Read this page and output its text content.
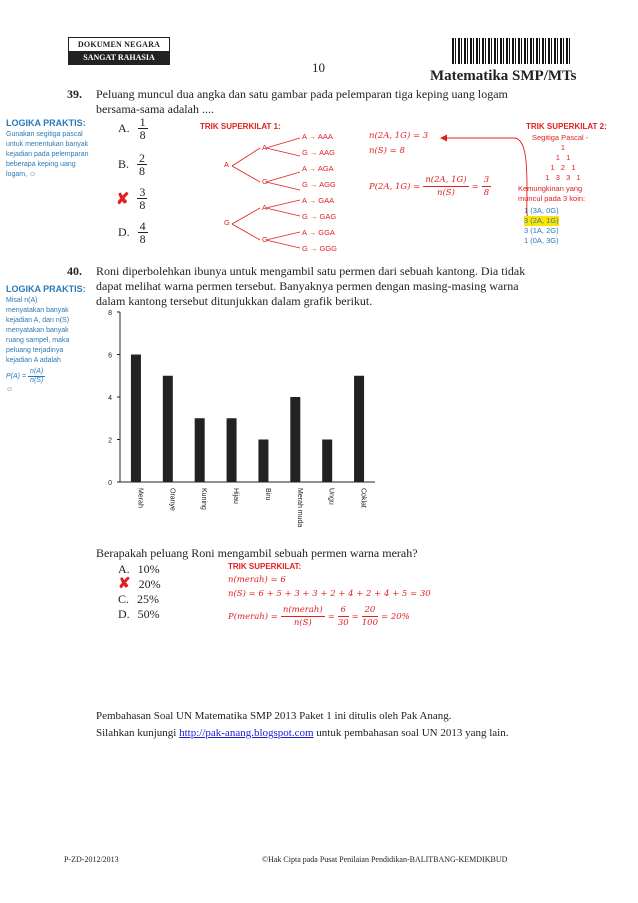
DOKUMEN NEGARA
SANGAT RAHASIA
10
Matematika SMP/MTs
39. Peluang muncul dua angka dan satu gambar pada pelemparan tiga keping uang logam
bersama-sama adalah ....
LOGIKA PRAKTIS:
Gunakan segitiga pascal
untuk menentukan banyak
kejadian pada pelemparan
beberapa keping uang
logam, ☺
A. $\frac{1}{8}$
B. $\frac{2}{8}$
✘ $\frac{3}{8}$
D. $\frac{4}{8}$
TRIK SUPERKILAT 1:
A
G
A
G
A
G
A → AAA
G → AAG
A → AGA
G → AGG
A → GAA
G → GAG
A → GGA
G → GGG
n(2A, 1G) = 3
n(S) = 8
P(2A, $1G) = \frac{n(2A, 1G)}{n(S)} = \frac{3}{8}$
TRIK SUPERKILAT 2:
Segitiga Pascal -
1
1   1
1   2   1
1   3   3   1
Kemungkinan yang
muncul pada 3 koin:
1 (3A, 0G)
3 (2A, 1G)

3 (1A, 2G)
1 (0A, 3G)
40. Roni diperbolehkan ibunya untuk mengambil satu permen dari sebuah kantong. Dia tidak
dapat melihat warna permen tersebut. Banyaknya permen dengan masing-masing warna
dalam kantong tersebut ditunjukkan dalam grafik berikut.
LOGIKA PRAKTIS:
Misal n(A)
menyatakan banyak
kejadian A, dan n(S)
menyatakan banyak
ruang sampel, maka
peluang terjadinya
kejadian A adalah
$P(A) = \frac{n(A)}{n(S)}$
☺
0
2
4
6
8
Merah	Oranye	Kuning	Hijau	Biru	Merah muda	Ungu	Coklat
Berapakah peluang Roni mengambil sebuah permen warna merah?
A. 10%
✘ 20%
C. 25%
D. 50%
TRIK SUPERKILAT:
n(merah) = 6
n(S) = 6 + 5 + 3 + 3 + 2 + 4 + 2 + 4 + 5 = 30
P(merah) = $\frac{\text{n(merah)}}{n(S)} = \frac{6}{30} = \frac{20}{100} = 20\%$
Pembahasan Soal UN Matematika SMP 2013 Paket 1 ini ditulis oleh Pak Anang.
Silahkan kunjungi http://pak-anang.blogspot.com untuk pembahasan soal UN 2013 yang lain.
P-ZD-2012/2013	©Hak Cipta pada Pusat Penilaian Pendidikan-BALITBANG-KEMDIKBUD
